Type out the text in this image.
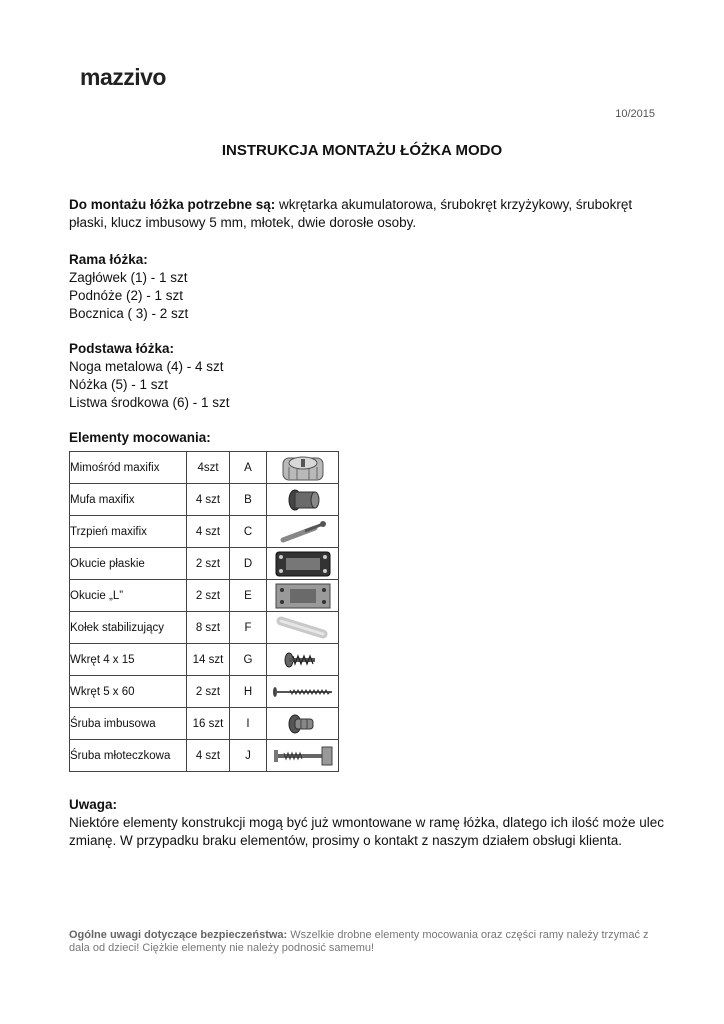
mazzivo
10/2015
INSTRUKCJA MONTAŻU ŁÓŻKA MODO
Do montażu łóżka potrzebne są: wkrętarka akumulatorowa, śrubokręt krzyżykowy, śrubokręt płaski, klucz imbusowy 5 mm, młotek, dwie dorosłe osoby.
Rama łóżka:
Zagłówek (1) - 1 szt
Podnóże (2) - 1 szt
Bocznica ( 3) - 2 szt
Podstawa łóżka:
Noga metalowa (4) - 4 szt
Nóżka (5) - 1 szt
Listwa środkowa (6) - 1 szt
Elementy mocowania:
Mimośród maxifix	4szt	A	

Mufa maxifix	4 szt	B	

Trzpień maxifix	4 szt	C	

Okucie płaskie	2 szt	D	

Okucie „L”	2 szt	E	

Kołek stabilizujący	8 szt	F	

Wkręt 4 x 15	14 szt	G	

Wkręt 5 x 60	2 szt	H	

Śruba imbusowa	16 szt	I	

Śruba młoteczkowa	4 szt	J	
Uwaga:
Niektóre elementy konstrukcji mogą być już wmontowane w ramę łóżka, dlatego ich ilość może ulec zmianę. W przypadku braku elementów, prosimy o kontakt z naszym działem obsługi klienta.
Ogólne uwagi dotyczące bezpieczeństwa: Wszelkie drobne elementy mocowania oraz części ramy należy trzymać z dala od dzieci! Ciężkie elementy nie należy podnosić samemu!
